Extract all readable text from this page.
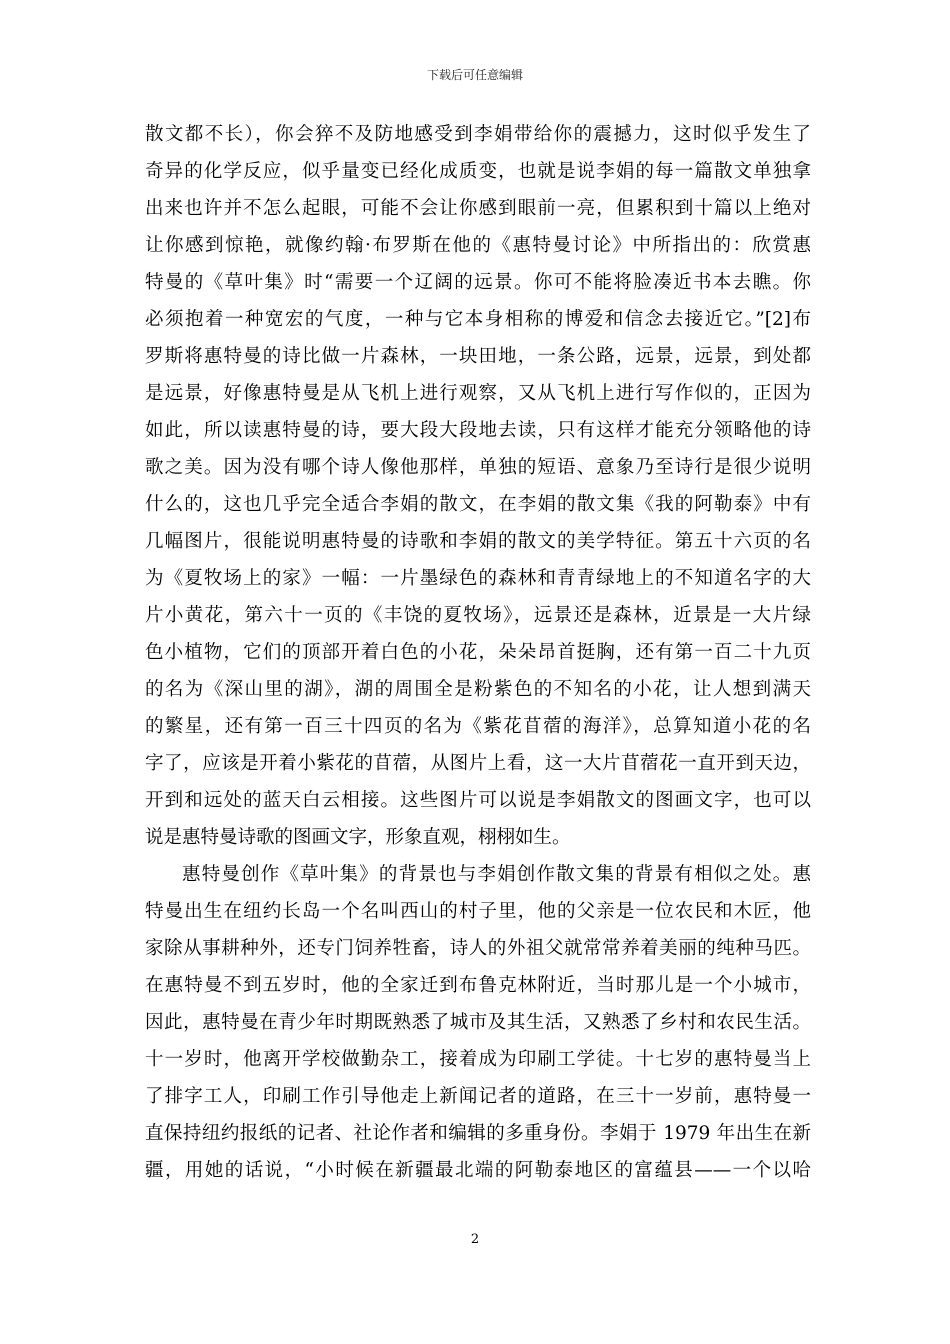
下载后可任意编辑
散文都不长），你会猝不及防地感受到李娟带给你的震撼力，这时似乎发生了
奇异的化学反应，似乎量变已经化成质变，也就是说李娟的每一篇散文单独拿
出来也许并不怎么起眼，可能不会让你感到眼前一亮，但累积到十篇以上绝对
让你感到惊艳，就像约翰·布罗斯在他的《惠特曼讨论》中所指出的：欣赏惠
特曼的《草叶集》时“需要一个辽阔的远景。你可不能将脸凑近书本去瞧。你
必须抱着一种宽宏的气度，一种与它本身相称的博爱和信念去接近它。”[2]布
罗斯将惠特曼的诗比做一片森林，一块田地，一条公路，远景，远景，到处都
是远景，好像惠特曼是从飞机上进行观察，又从飞机上进行写作似的，正因为
如此，所以读惠特曼的诗，要大段大段地去读，只有这样才能充分领略他的诗
歌之美。因为没有哪个诗人像他那样，单独的短语、意象乃至诗行是很少说明
什么的，这也几乎完全适合李娟的散文，在李娟的散文集《我的阿勒泰》中有
几幅图片，很能说明惠特曼的诗歌和李娟的散文的美学特征。第五十六页的名
为《夏牧场上的家》一幅：一片墨绿色的森林和青青绿地上的不知道名字的大
片小黄花，第六十一页的《丰饶的夏牧场》，远景还是森林，近景是一大片绿
色小植物，它们的顶部开着白色的小花，朵朵昂首挺胸，还有第一百二十九页
的名为《深山里的湖》，湖的周围全是粉紫色的不知名的小花，让人想到满天
的繁星，还有第一百三十四页的名为《紫花苜蓿的海洋》，总算知道小花的名
字了，应该是开着小紫花的苜蓿，从图片上看，这一大片苜蓿花一直开到天边，
开到和远处的蓝天白云相接。这些图片可以说是李娟散文的图画文字，也可以
说是惠特曼诗歌的图画文字，形象直观，栩栩如生。
惠特曼创作《草叶集》的背景也与李娟创作散文集的背景有相似之处。惠
特曼出生在纽约长岛一个名叫西山的村子里，他的父亲是一位农民和木匠，他
家除从事耕种外，还专门饲养牲畜，诗人的外祖父就常常养着美丽的纯种马匹。
在惠特曼不到五岁时，他的全家迁到布鲁克林附近，当时那儿是一个小城市，
因此，惠特曼在青少年时期既熟悉了城市及其生活，又熟悉了乡村和农民生活。
十一岁时，他离开学校做勤杂工，接着成为印刷工学徒。十七岁的惠特曼当上
了排字工人，印刷工作引导他走上新闻记者的道路，在三十一岁前，惠特曼一
直保持纽约报纸的记者、社论作者和编辑的多重身份。李娟于 1979 年出生在新
疆，用她的话说，“小时候在新疆最北端的阿勒泰地区的富蕴县——一个以哈
2
